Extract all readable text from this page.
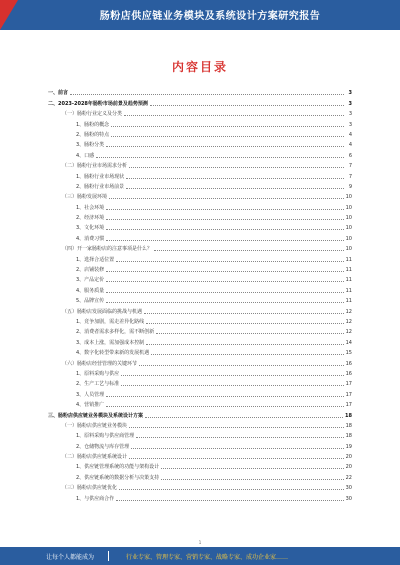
肠粉店供应链业务模块及系统设计方案研究报告
内容目录
一、前言	3
二、2023-2028年肠粉市场前景及趋势预测	3
（一）肠粉行业定义及分类	3
1、肠粉的概念	3
2、肠粉的特点	4
3、肠粉分类	4
4、口感	6
（二）肠粉行业市场需求分析	7
1、肠粉行业市场现状	7
2、肠粉行业市场前景	9
（三）肠粉发展环境	10
1、社会环境	10
2、经济环境	10
3、文化环境	10
4、消费习惯	10
（四）开一家肠粉店的注意事项是什么？	10
1、选择合适位置	11
2、店铺装修	11
3、产品定价	11
4、服务质量	11
5、品牌宣传	11
（五）肠粉店发展面临的挑战与机遇	12
1、竞争加剧，需走差异化路线	12
2、消费者需求多样化，需不断创新	12
3、成本上涨，需加强成本控制	14
4、数字化转型带来新的发展机遇	15
（六）肠粉店经营管理的关键环节	16
1、原料采购与供应	16
2、生产工艺与标准	17
3、人员管理	17
4、营销推广	17
三、肠粉店供应链业务模块及系统设计方案	18
（一）肠粉店供应链业务模块	18
1、原料采购与供应商管理	18
2、仓储物流与库存管理	19
（二）肠粉店供应链系统设计	20
1、供应链管理系统的功能与架构设计	20
2、供应链系统的数据分析与决策支持	22
（三）肠粉店供应链优化	30
1、与供应商合作	30
1
让每个人都能成为	行业专家、管理专家、营销专家、战略专家、成功企业家……
